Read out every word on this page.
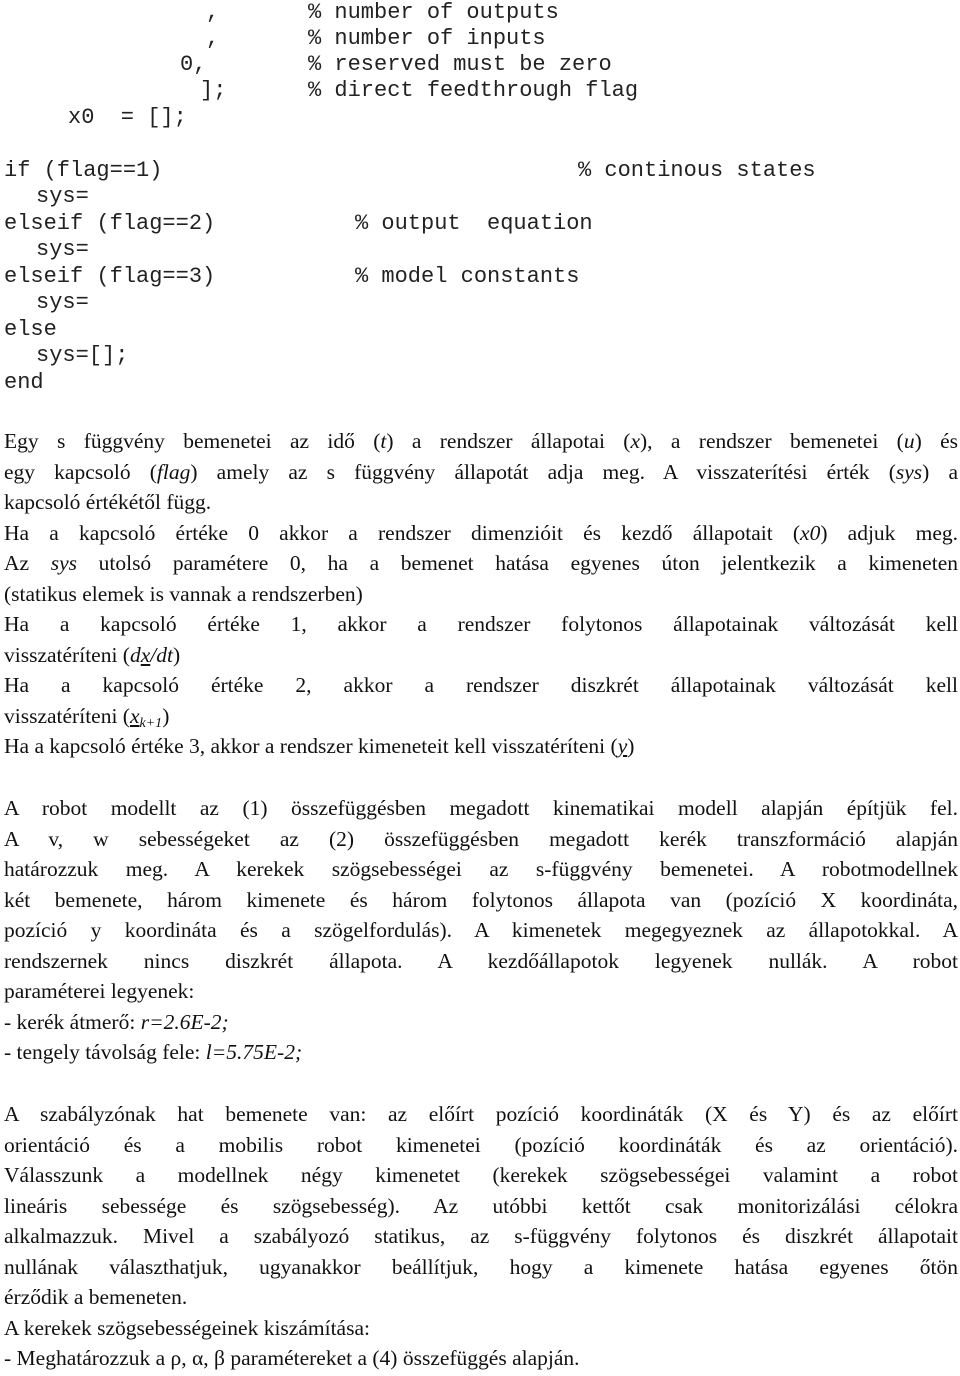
,	% number of outputs
,	% number of inputs
0,	% reserved must be zero
];	% direct feedthrough flag
x0  = [];
if (flag==1)	% continous states
sys=
elseif (flag==2)	% output  equation
sys=
elseif (flag==3)	% model constants
sys=
else
sys=[];
end

Egy s függvény bemenetei az idő (t) a rendszer állapotai (x), a rendszer bemenetei (u) és

egy kapcsoló (flag) amely az s függvény állapotát adja meg. A visszaterítési érték (sys) a

kapcsoló értékétől függ.

Ha a kapcsoló értéke 0 akkor a rendszer dimenzióit és kezdő állapotait (x0) adjuk meg.

Az sys utolsó paramétere 0, ha a bemenet hatása egyenes úton jelentkezik a kimeneten

(statikus elemek is vannak a rendszerben)

Ha a kapcsoló értéke 1, akkor a rendszer folytonos állapotainak változását kell

visszatéríteni (dx/dt)

Ha a kapcsoló értéke 2, akkor a rendszer diszkrét állapotainak változását kell

visszatéríteni $(x_{k+1})$

Ha a kapcsoló értéke 3, akkor a rendszer kimeneteit kell visszatéríteni (y)

A robot modellt az (1) összefüggésben megadott kinematikai modell alapján építjük fel.

A v, w sebességeket az (2) összefüggésben megadott kerék transzformáció alapján

határozzuk meg. A kerekek szögsebességei az s-függvény bemenetei. A robotmodellnek

két bemenete, három kimenete és három folytonos állapota van (pozíció X koordináta,

pozíció y koordináta és a szögelfordulás). A kimenetek megegyeznek az állapotokkal. A

rendszernek nincs diszkrét állapota. A kezdőállapotok legyenek nullák. A robot

paraméterei legyenek:

- kerék átmerő: r=2.6E-2;

- tengely távolság fele: l=5.75E-2;

A szabályzónak hat bemenete van: az előírt pozíció koordináták (X és Y) és az előírt

orientáció és a mobilis robot kimenetei (pozíció koordináták és az orientáció).

Válasszunk a modellnek négy kimenetet (kerekek szögsebességei valamint a robot

lineáris sebessége és szögsebesség). Az utóbbi kettőt csak monitorizálási célokra

alkalmazzuk. Mivel a szabályozó statikus, az s-függvény folytonos és diszkrét állapotait

nullának választhatjuk, ugyanakkor beállítjuk, hogy a kimenete hatása egyenes őtön

érződik a bemeneten.

A kerekek szögsebességeinek kiszámítása:

- Meghatározzuk a ρ, α, β paramétereket a (4) összefüggés alapján.
